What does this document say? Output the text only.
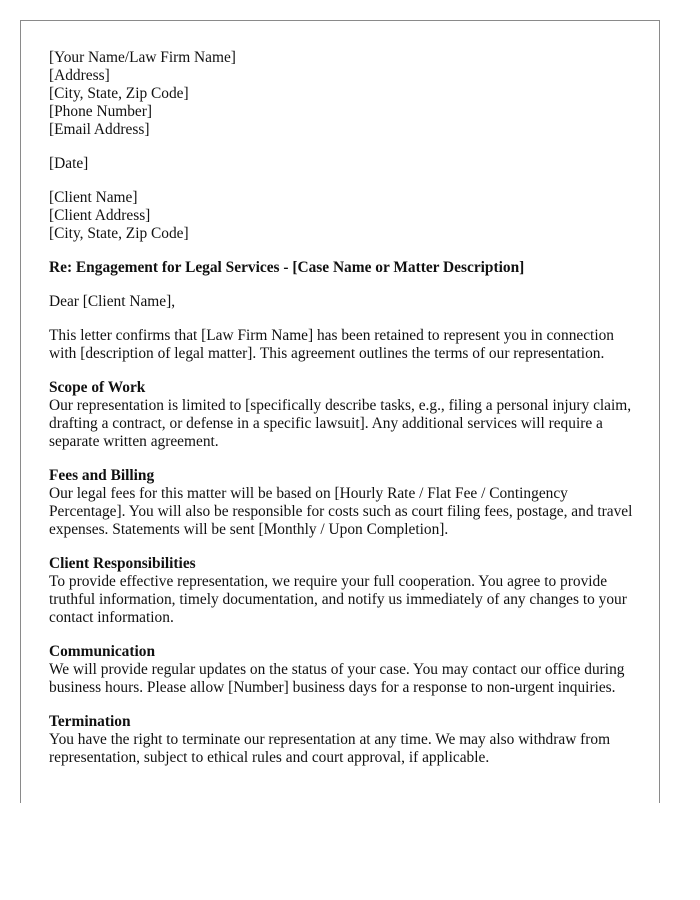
[Your Name/Law Firm Name]
[Address]
[City, State, Zip Code]
[Phone Number]
[Email Address]
[Date]
[Client Name]
[Client Address]
[City, State, Zip Code]
Re: Engagement for Legal Services - [Case Name or Matter Description]
Dear [Client Name],

This letter confirms that [Law Firm Name] has been retained to represent you in connection with [description of legal matter]. This agreement outlines the terms of our representation.

Scope of Work

Our representation is limited to [specifically describe tasks, e.g., filing a personal injury claim, drafting a contract, or defense in a specific lawsuit]. Any additional services will require a separate written agreement.

Fees and Billing

Our legal fees for this matter will be based on [Hourly Rate / Flat Fee / Contingency Percentage]. You will also be responsible for costs such as court filing fees, postage, and travel expenses. Statements will be sent [Monthly / Upon Completion].

Client Responsibilities

To provide effective representation, we require your full cooperation. You agree to provide truthful information, timely documentation, and notify us immediately of any changes to your contact information.

Communication

We will provide regular updates on the status of your case. You may contact our office during business hours. Please allow [Number] business days for a response to non-urgent inquiries.

Termination

You have the right to terminate our representation at any time. We may also withdraw from representation, subject to ethical rules and court approval, if applicable.
